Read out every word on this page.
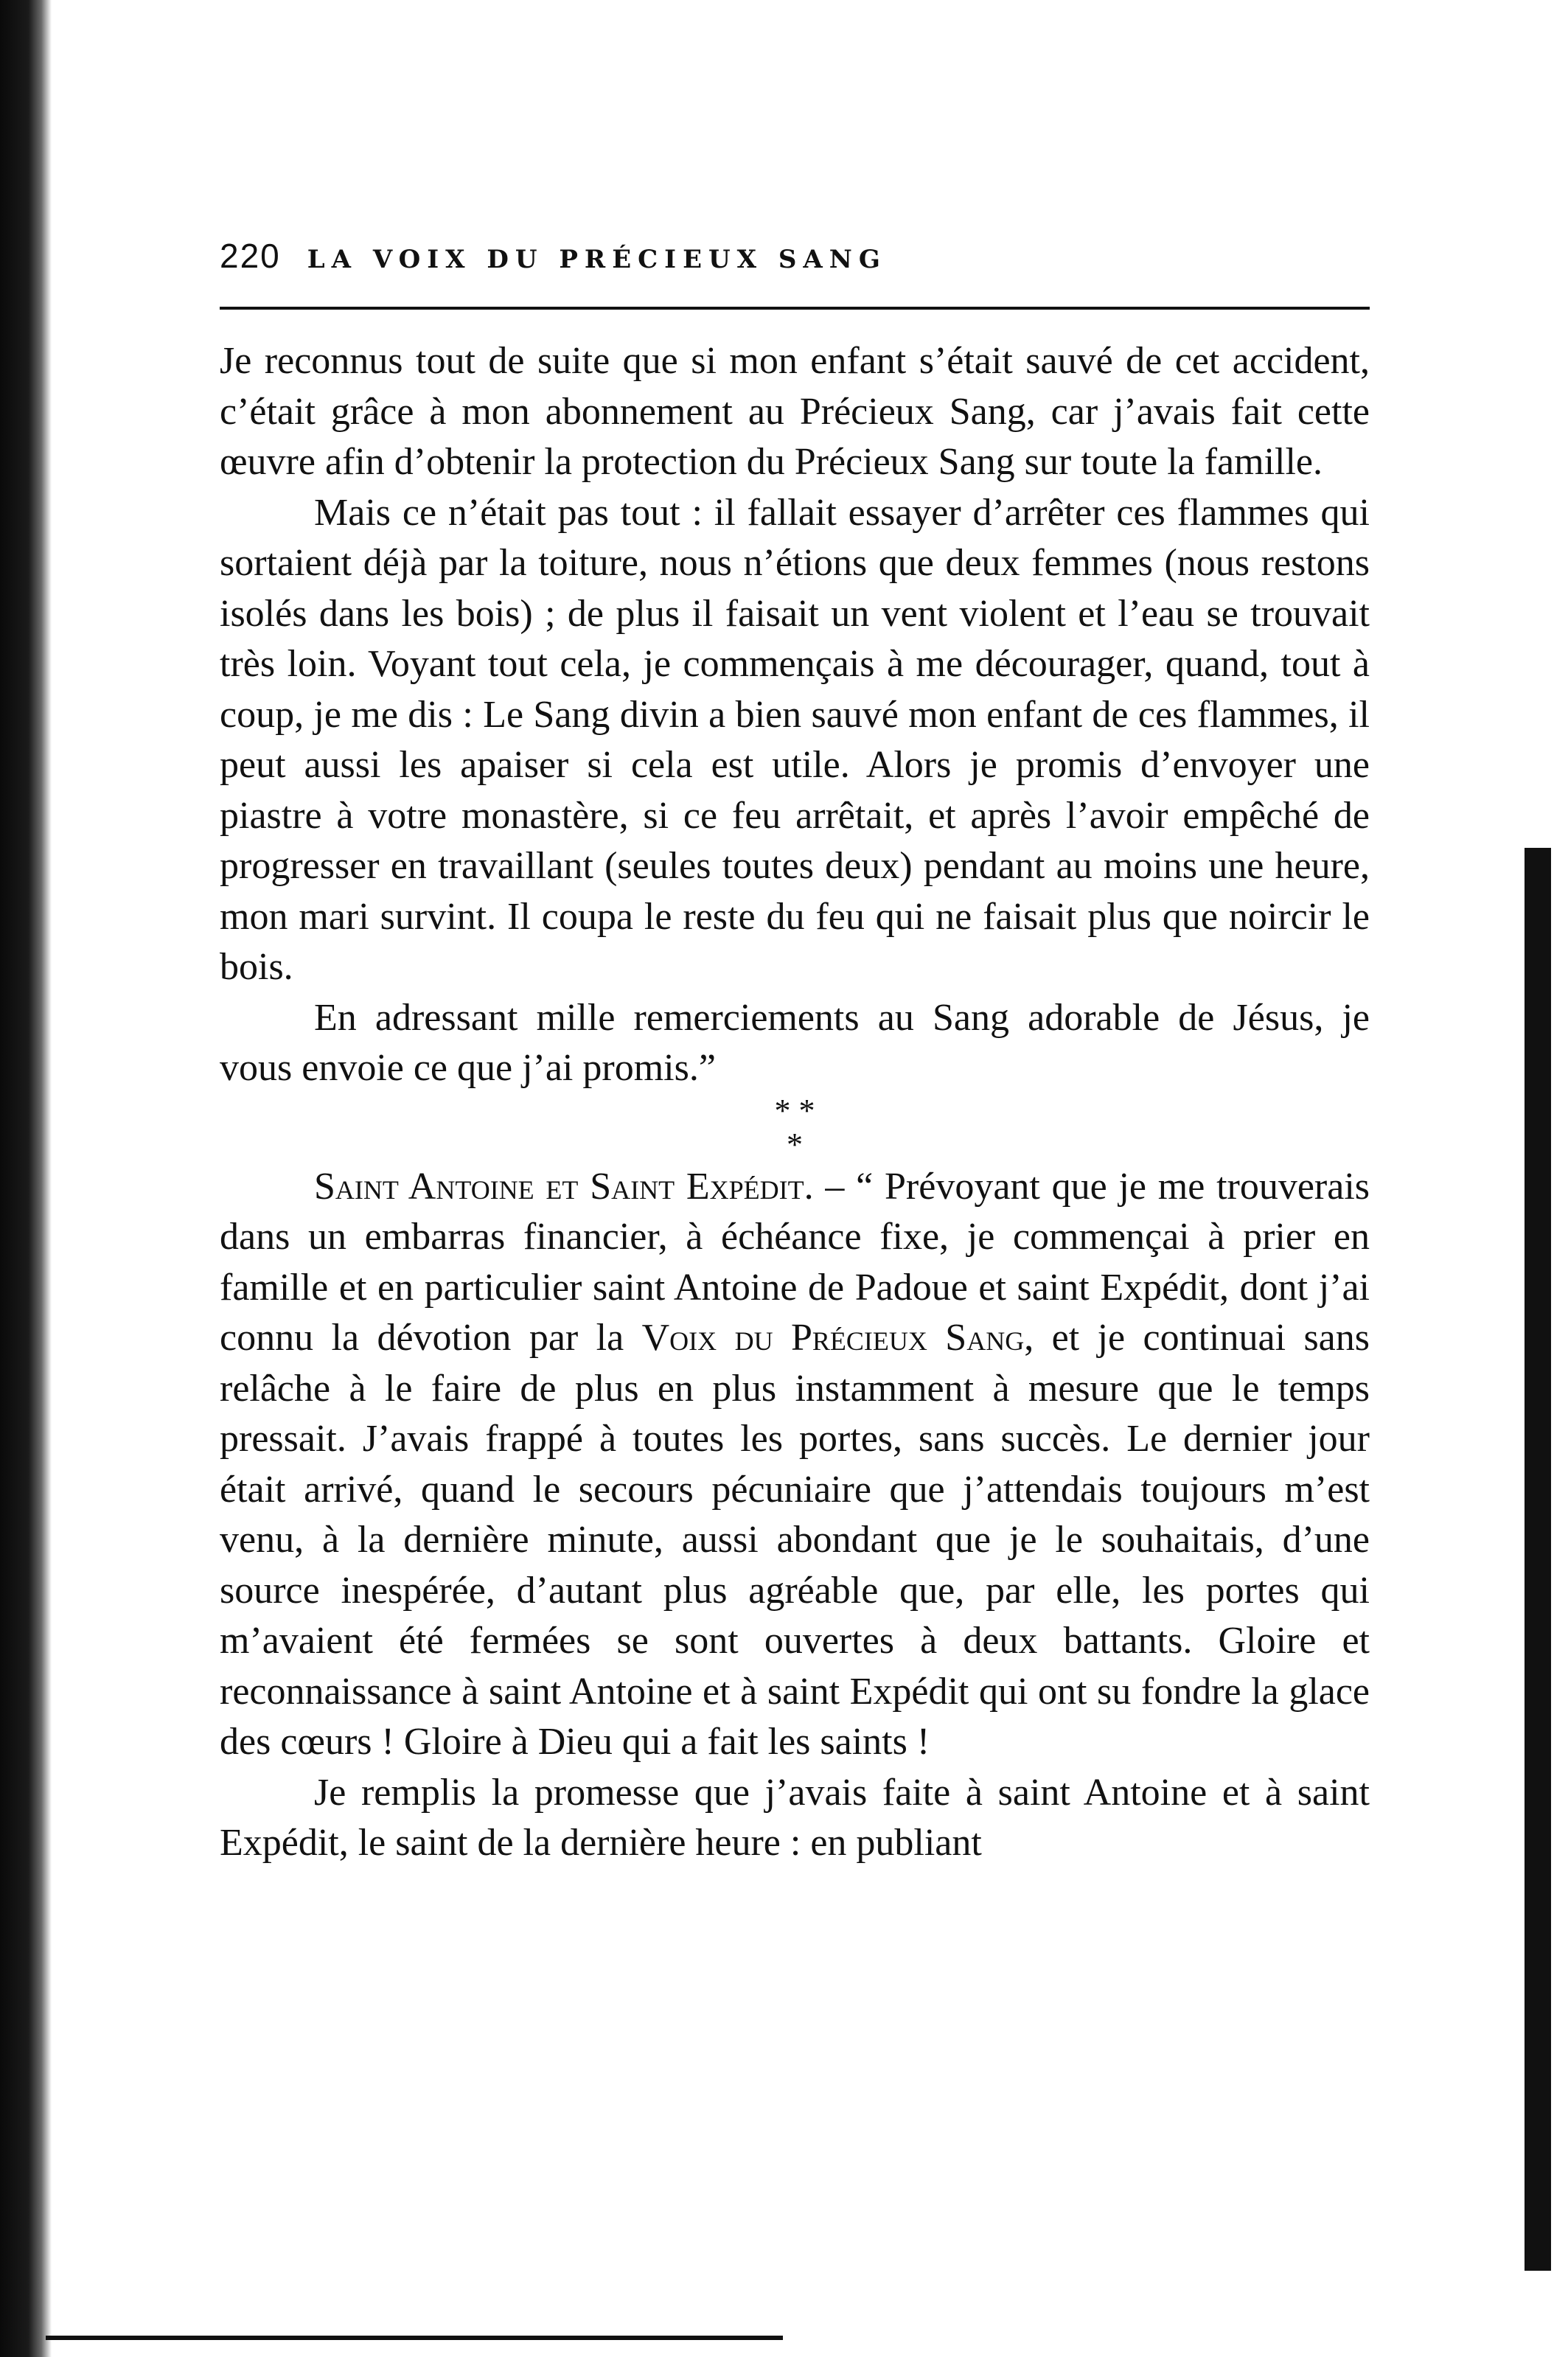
220 LA VOIX DU PRÉCIEUX SANG

Je reconnus tout de suite que si mon enfant s’était sauvé de cet accident, c’était grâce à mon abonnement au Précieux Sang, car j’avais fait cette œuvre afin d’obtenir la protection du Précieux Sang sur toute la famille.

Mais ce n’était pas tout : il fallait essayer d’arrêter ces flammes qui sortaient déjà par la toiture, nous n’étions que deux femmes (nous restons isolés dans les bois) ; de plus il faisait un vent violent et l’eau se trouvait très loin. Voyant tout cela, je commençais à me décourager, quand, tout à coup, je me dis : Le Sang divin a bien sauvé mon enfant de ces flammes, il peut aussi les apaiser si cela est utile. Alors je promis d’envoyer une piastre à votre monastère, si ce feu arrêtait, et après l’avoir empêché de progresser en travaillant (seules toutes deux) pendant au moins une heure, mon mari survint. Il coupa le reste du feu qui ne faisait plus que noircir le bois.

En adressant mille remerciements au Sang adorable de Jésus, je vous envoie ce que j’ai promis.”

* *
*

Saint Antoine et Saint Expédit. – “ Prévoyant que je me trouverais dans un embarras financier, à échéance fixe, je commençai à prier en famille et en particulier saint Antoine de Padoue et saint Expédit, dont j’ai connu la dévotion par la Voix du Précieux Sang, et je continuai sans relâche à le faire de plus en plus instamment à mesure que le temps pressait. J’avais frappé à toutes les portes, sans succès. Le dernier jour était arrivé, quand le secours pécuniaire que j’attendais toujours m’est venu, à la dernière minute, aussi abondant que je le souhaitais, d’une source inespérée, d’autant plus agréable que, par elle, les portes qui m’avaient été fermées se sont ouvertes à deux battants. Gloire et reconnaissance à saint Antoine et à saint Expédit qui ont su fondre la glace des cœurs ! Gloire à Dieu qui a fait les saints !

Je remplis la promesse que j’avais faite à saint Antoine et à saint Expédit, le saint de la dernière heure : en publiant
